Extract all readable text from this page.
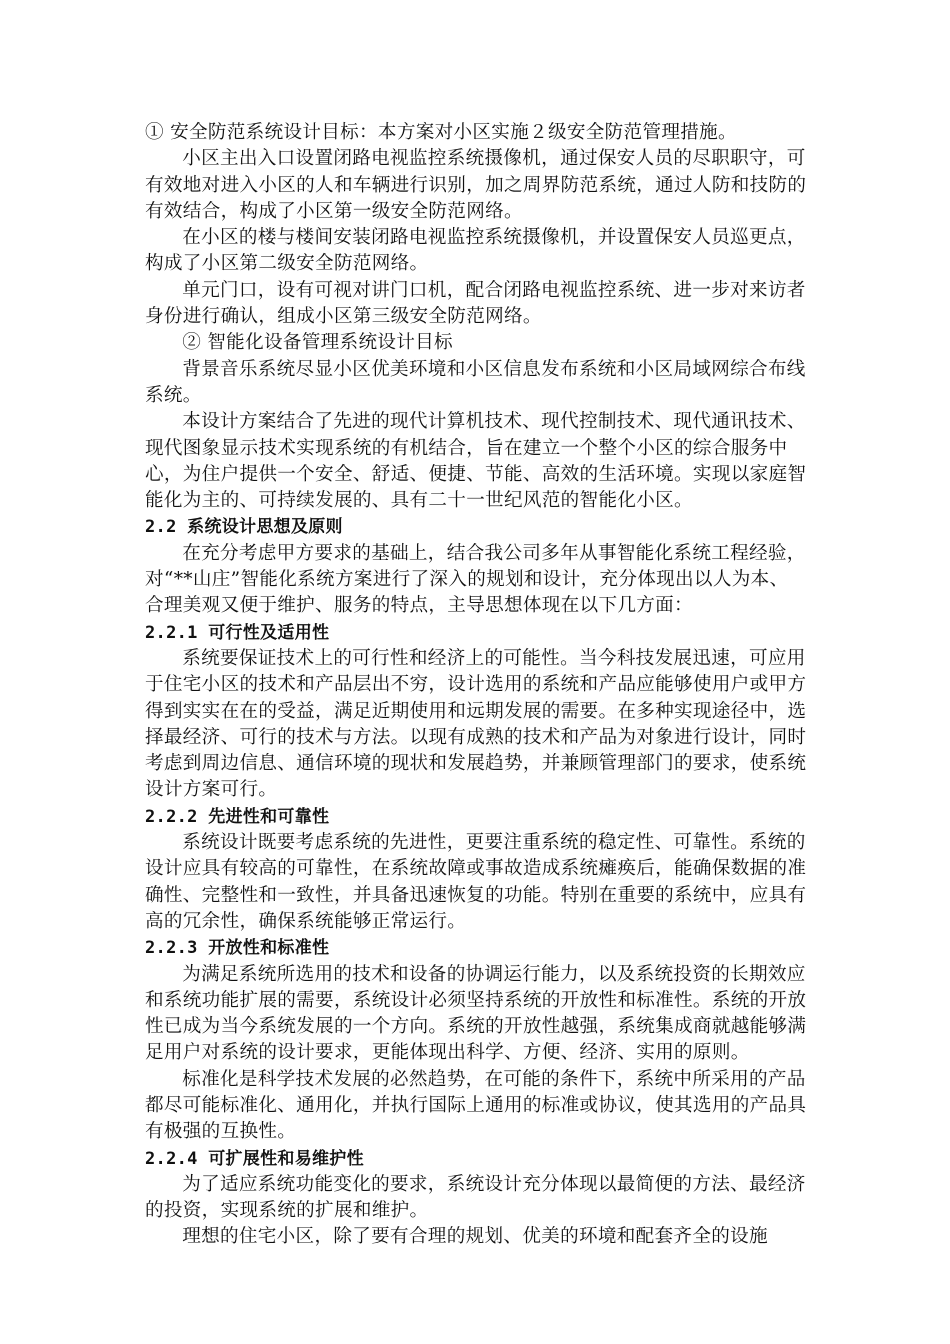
① 安全防范系统设计目标：本方案对小区实施２级安全防范管理措施。

小区主出入口设置闭路电视监控系统摄像机，通过保安人员的尽职职守，可有效地对进入小区的人和车辆进行识别，加之周界防范系统，通过人防和技防的有效结合，构成了小区第一级安全防范网络。

在小区的楼与楼间安装闭路电视监控系统摄像机，并设置保安人员巡更点，构成了小区第二级安全防范网络。

单元门口，设有可视对讲门口机，配合闭路电视监控系统、进一步对来访者身份进行确认，组成小区第三级安全防范网络。

② 智能化设备管理系统设计目标

背景音乐系统尽显小区优美环境和小区信息发布系统和小区局域网综合布线系统。

本设计方案结合了先进的现代计算机技术、现代控制技术、现代通讯技术、现代图象显示技术实现系统的有机结合，旨在建立一个整个小区的综合服务中心，为住户提供一个安全、舒适、便捷、节能、高效的生活环境。实现以家庭智能化为主的、可持续发展的、具有二十一世纪风范的智能化小区。

2.2 系统设计思想及原则

在充分考虑甲方要求的基础上，结合我公司多年从事智能化系统工程经验，对“**山庄”智能化系统方案进行了深入的规划和设计，充分体现出以人为本、合理美观又便于维护、服务的特点，主导思想体现在以下几方面：

2.2.1 可行性及适用性

系统要保证技术上的可行性和经济上的可能性。当今科技发展迅速，可应用于住宅小区的技术和产品层出不穷，设计选用的系统和产品应能够使用户或甲方得到实实在在的受益，满足近期使用和远期发展的需要。在多种实现途径中，选择最经济、可行的技术与方法。以现有成熟的技术和产品为对象进行设计，同时考虑到周边信息、通信环境的现状和发展趋势，并兼顾管理部门的要求，使系统设计方案可行。

2.2.2 先进性和可靠性

系统设计既要考虑系统的先进性，更要注重系统的稳定性、可靠性。系统的设计应具有较高的可靠性，在系统故障或事故造成系统瘫痪后，能确保数据的准确性、完整性和一致性，并具备迅速恢复的功能。特别在重要的系统中，应具有高的冗余性，确保系统能够正常运行。

2.2.3 开放性和标准性

为满足系统所选用的技术和设备的协调运行能力，以及系统投资的长期效应和系统功能扩展的需要，系统设计必须坚持系统的开放性和标准性。系统的开放性已成为当今系统发展的一个方向。系统的开放性越强，系统集成商就越能够满足用户对系统的设计要求，更能体现出科学、方便、经济、实用的原则。

标准化是科学技术发展的必然趋势，在可能的条件下，系统中所采用的产品都尽可能标准化、通用化，并执行国际上通用的标准或协议，使其选用的产品具有极强的互换性。

2.2.4 可扩展性和易维护性

为了适应系统功能变化的要求，系统设计充分体现以最简便的方法、最经济的投资，实现系统的扩展和维护。

理想的住宅小区，除了要有合理的规划、优美的环境和配套齐全的设施
